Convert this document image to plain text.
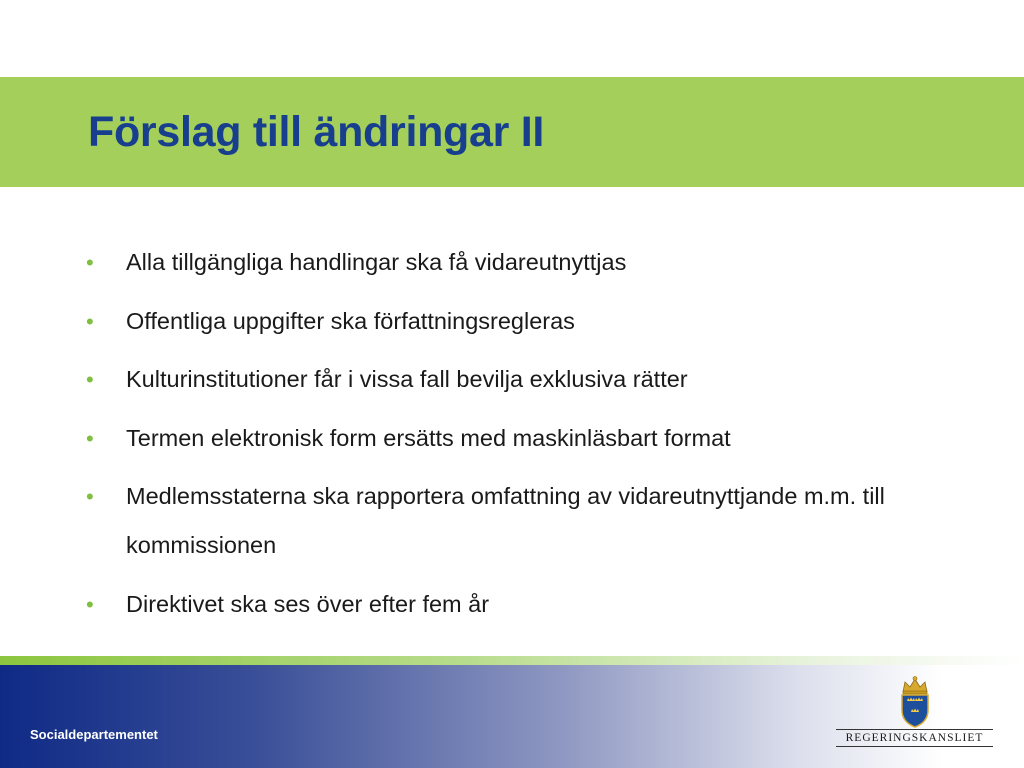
Förslag till ändringar II
• Alla tillgängliga handlingar ska få vidareutnyttjas
• Offentliga uppgifter ska författningsregleras
• Kulturinstitutioner får i vissa fall bevilja exklusiva rätter
• Termen elektronisk form ersätts med maskinläsbart format
• Medlemsstaterna ska rapportera omfattning av vidareutnyttjande m.m. till kommissionen
• Direktivet ska ses över efter fem år
Socialdepartementet	REGERINGSKANSLIET
